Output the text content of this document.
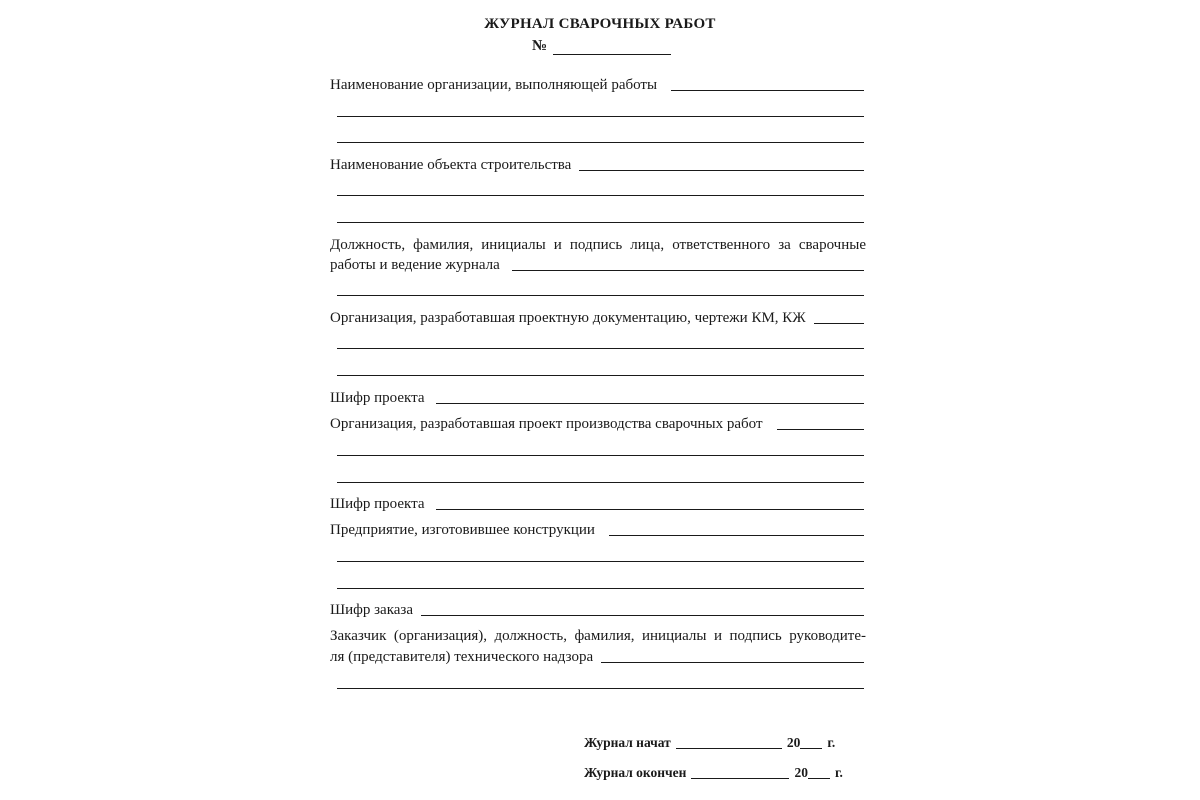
ЖУРНАЛ СВАРОЧНЫХ РАБОТ
№
Наименование организации, выполняющей работы
Наименование объекта строительства
Должность, фамилия, инициалы и подпись лица, ответственного за сварочные
работы и ведение журнала
Организация, разработавшая проектную документацию, чертежи КМ, КЖ
Шифр проекта
Организация, разработавшая проект производства сварочных работ
Шифр проекта
Предприятие, изготовившее конструкции
Шифр заказа
Заказчик (организация), должность, фамилия, инициалы и подпись руководите-
ля (представителя) технического надзора
Журнал начат	20 г.
Журнал окончен	20 г.
